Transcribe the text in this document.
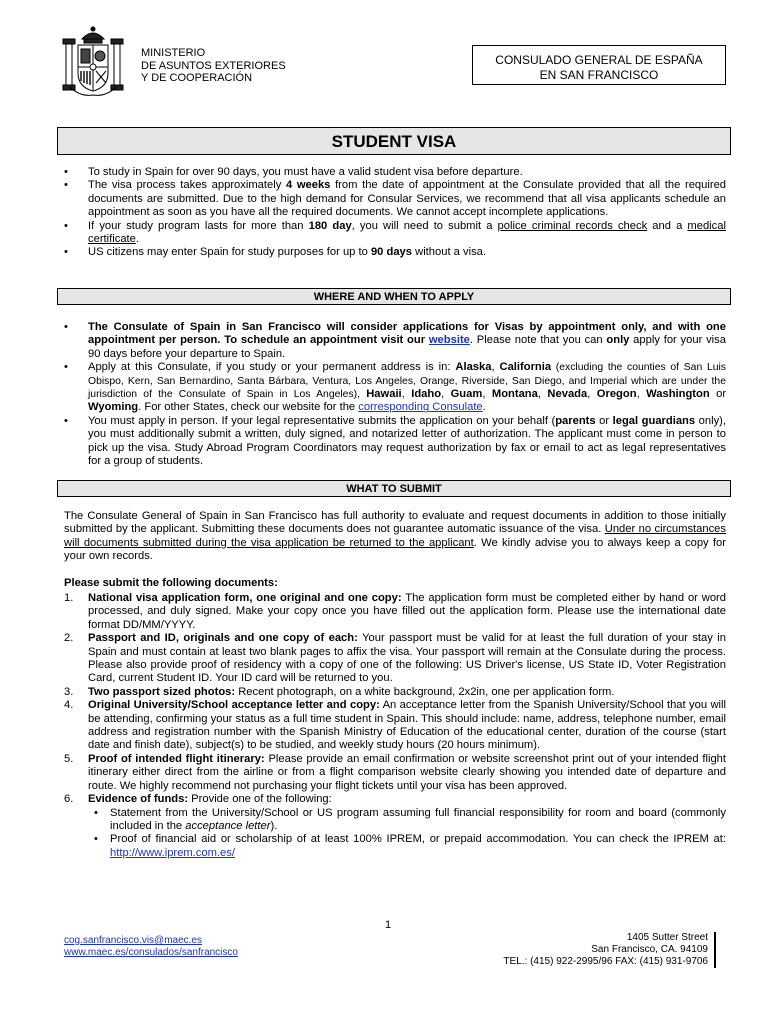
MINISTERIO
DE ASUNTOS EXTERIORES
Y DE COOPERACIÓN
CONSULADO GENERAL DE ESPAÑA
EN SAN FRANCISCO
STUDENT VISA
• To study in Spain for over 90 days, you must have a valid student visa before departure.
• The visa process takes approximately 4 weeks from the date of appointment at the Consulate provided that all the required documents are submitted. Due to the high demand for Consular Services, we recommend that all visa applicants schedule an appointment as soon as you have all the required documents. We cannot accept incomplete applications.
• If your study program lasts for more than 180 day, you will need to submit a police criminal records check and a medical certificate.
• US citizens may enter Spain for study purposes for up to 90 days without a visa.
WHERE AND WHEN TO APPLY
• The Consulate of Spain in San Francisco will consider applications for Visas by appointment only, and with one appointment per person. To schedule an appointment visit our website. Please note that you can only apply for your visa 90 days before your departure to Spain.
• Apply at this Consulate, if you study or your permanent address is in: Alaska, California (excluding the counties of San Luis Obispo, Kern, San Bernardino, Santa Bárbara, Ventura, Los Angeles, Orange, Riverside, San Diego, and Imperial which are under the jurisdiction of the Consulate of Spain in Los Angeles), Hawaii, Idaho, Guam, Montana, Nevada, Oregon, Washington or Wyoming. For other States, check our website for the corresponding Consulate.
• You must apply in person. If your legal representative submits the application on your behalf (parents or legal guardians only), you must additionally submit a written, duly signed, and notarized letter of authorization. The applicant must come in person to pick up the visa. Study Abroad Program Coordinators may request authorization by fax or email to act as legal representatives for a group of students.
WHAT TO SUBMIT
The Consulate General of Spain in San Francisco has full authority to evaluate and request documents in addition to those initially submitted by the applicant. Submitting these documents does not guarantee automatic issuance of the visa. Under no circumstances will documents submitted during the visa application be returned to the applicant. We kindly advise you to always keep a copy for your own records.
Please submit the following documents:
1. National visa application form, one original and one copy: The application form must be completed either by hand or word processed, and duly signed. Make your copy once you have filled out the application form. Please use the international date format DD/MM/YYYY.
2. Passport and ID, originals and one copy of each: Your passport must be valid for at least the full duration of your stay in Spain and must contain at least two blank pages to affix the visa. Your passport will remain at the Consulate during the process. Please also provide proof of residency with a copy of one of the following: US Driver's license, US State ID, Voter Registration Card, current Student ID. Your ID card will be returned to you.
3. Two passport sized photos: Recent photograph, on a white background, 2x2in, one per application form.
4. Original University/School acceptance letter and copy: An acceptance letter from the Spanish University/School that you will be attending, confirming your status as a full time student in Spain. This should include: name, address, telephone number, email address and registration number with the Spanish Ministry of Education of the educational center, duration of the course (start date and finish date), subject(s) to be studied, and weekly study hours (20 hours minimum).
5. Proof of intended flight itinerary: Please provide an email confirmation or website screenshot print out of your intended flight itinerary either direct from the airline or from a flight comparison website clearly showing you intended date of departure and route. We highly recommend not purchasing your flight tickets until your visa has been approved.
6. Evidence of funds: Provide one of the following:
• Statement from the University/School or US program assuming full financial responsibility for room and board (commonly included in the acceptance letter).
• Proof of financial aid or scholarship of at least 100% IPREM, or prepaid accommodation. You can check the IPREM at: http://www.iprem.com.es/
1
cog.sanfrancisco.vis@maec.es
www.maec.es/consulados/sanfrancisco
1405 Sutter Street
San Francisco, CA. 94109
TEL.: (415) 922-2995/96 FAX: (415) 931-9706
